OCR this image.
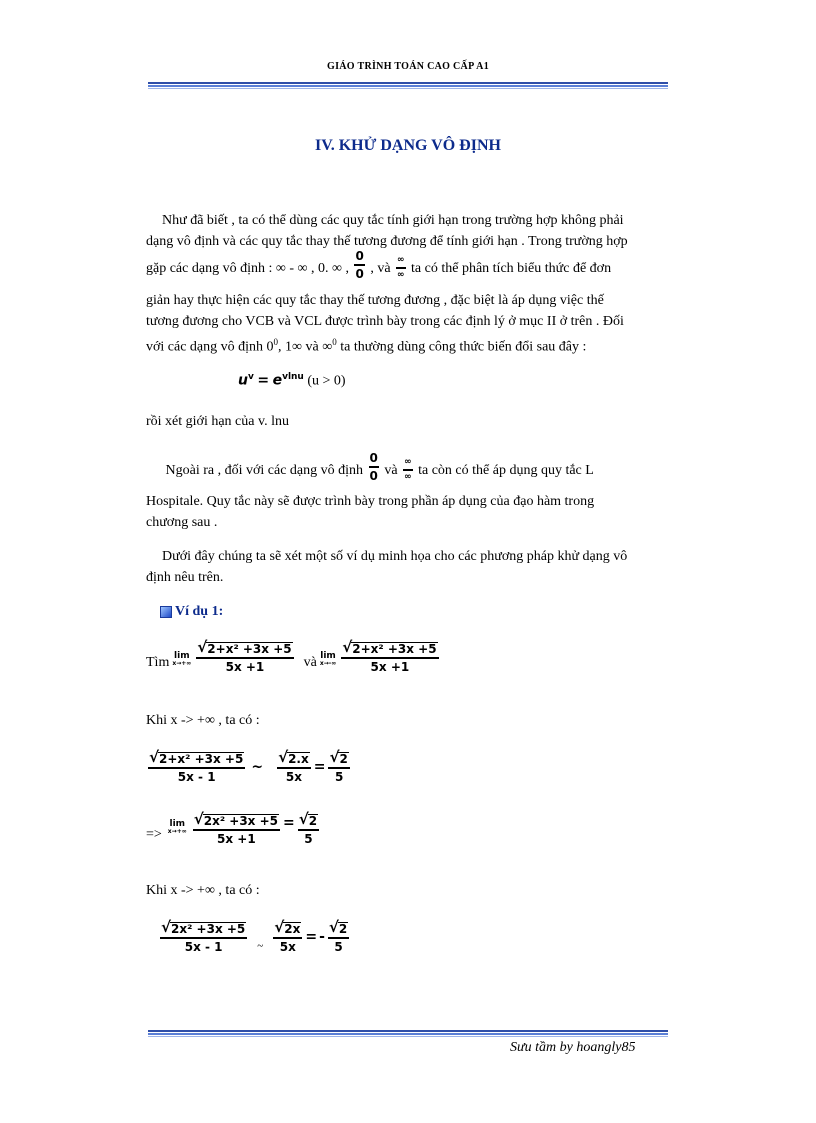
GIÁO TRÌNH TOÁN CAO CẤP A1
IV. KHỬ DẠNG VÔ ĐỊNH
Như đã biết , ta có thể dùng các quy tắc tính giới hạn trong trường hợp không phải
dạng vô định và các quy tắc thay thế tương đương để tính giới hạn . Trong trường hợp
gặp các dạng vô định : ∞ - ∞ , 0. ∞ , $\frac{0}{0}$ , và $\frac{\infty}{\infty}$ ta có thể phân tích biểu thức để đơn
giản hay thực hiện các quy tắc thay thế tương đương , đặc biệt là áp dụng việc thế
tương đương cho VCB và VCL được trình bày trong các định lý ở mục II ở trên . Đối
với các dạng vô định $0^0$, 1∞ và ∞$^0$ ta thường dùng công thức biến đổi sau đây :
$u^v = e^{vlnu}$ (u > 0)
rồi xét giới hạn của v. lnu
Ngoài ra , đối với các dạng vô định $\frac{0}{0}$ và $\frac{\infty}{\infty}$ ta còn có thể áp dụng quy tắc L
Hospitale. Quy tắc này sẽ được trình bày trong phần áp dụng của đạo hàm trong
chương sau .
Dưới đây chúng ta sẽ xét một số ví dụ minh họa cho các phương pháp khử dạng vô
định nêu trên.
Ví dụ 1:
Tìm lim
$x\to+\infty \frac{\text{√ 2+x² +3x +5}}{5x +1}$ và lim
$x\to-\infty \frac{\text{√ 2+x² +3x +5}}{5x +1}$
Khi x -> +∞ , ta có :
$\frac{\text{√ 2+x² +3x +5}}{5x - 1}$ ~ $\frac{√ 2.x}{5x} = \frac{√ 2}{5}$
=>
lim
$x\to+\infty \frac{\text{√ 2x² +3x +5}}{5x +1} = \frac{√ 2}{5}$
Khi x -> +∞ , ta có :
$\frac{\text{√ 2x² +3x +5}}{5x - 1}$ ~ $\frac{√ 2x}{5x}$ = - $\frac{√ 2}{5}$
Sưu tầm by hoangly85
